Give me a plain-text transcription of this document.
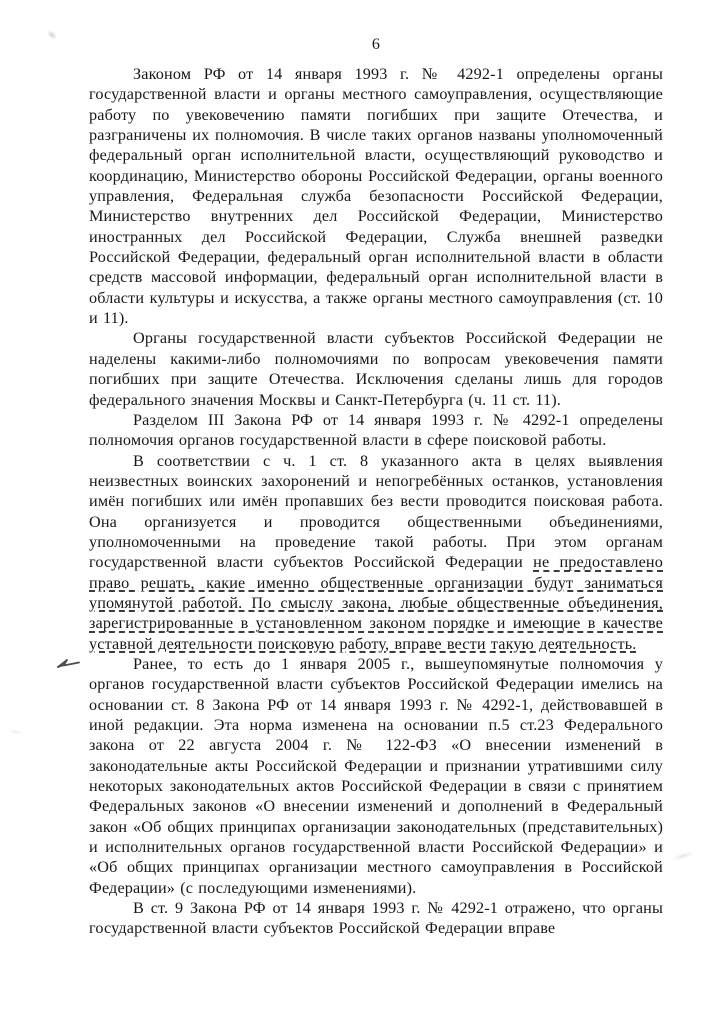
6

Законом РФ от 14 января 1993 г. № 4292-1 определены органы государственной власти и органы местного самоуправления, осуществляющие работу по увековечению памяти погибших при защите Отечества, и разграничены их полномочия. В числе таких органов названы уполномоченный федеральный орган исполнительной власти, осуществляющий руководство и координацию, Министерство обороны Российской Федерации, органы военного управления, Федеральная служба безопасности Российской Федерации, Министерство внутренних дел Российской Федерации, Министерство иностранных дел Российской Федерации, Служба внешней разведки Российской Федерации, федеральный орган исполнительной власти в области средств массовой информации, федеральный орган исполнительной власти в области культуры и искусства, а также органы местного самоуправления (ст. 10 и 11).

Органы государственной власти субъектов Российской Федерации не наделены какими-либо полномочиями по вопросам увековечения памяти погибших при защите Отечества. Исключения сделаны лишь для городов федерального значения Москвы и Санкт-Петербурга (ч. 11 ст. 11).

Разделом III Закона РФ от 14 января 1993 г. № 4292-1 определены полномочия органов государственной власти в сфере поисковой работы.

В соответствии с ч. 1 ст. 8 указанного акта в целях выявления неизвестных воинских захоронений и непогребённых останков, установления имён погибших или имён пропавших без вести проводится поисковая работа. Она организуется и проводится общественными объединениями, уполномоченными на проведение такой работы. При этом органам государственной власти субъектов Российской Федерации не предоставлено право решать, какие именно общественные организации будут заниматься упомянутой работой. По смыслу закона, любые общественные объединения, зарегистрированные в установленном законом порядке и имеющие в качестве уставной деятельности поисковую работу, вправе вести такую деятельность.

Ранее, то есть до 1 января 2005 г., вышеупомянутые полномочия у органов государственной власти субъектов Российской Федерации имелись на основании ст. 8 Закона РФ от 14 января 1993 г. № 4292-1, действовавшей в иной редакции. Эта норма изменена на основании п.5 ст.23 Федерального закона от 22 августа 2004 г. № 122-ФЗ «О внесении изменений в законодательные акты Российской Федерации и признании утратившими силу некоторых законодательных актов Российской Федерации в связи с принятием Федеральных законов «О внесении изменений и дополнений в Федеральный закон «Об общих принципах организации законодательных (представительных) и исполнительных органов государственной власти Российской Федерации» и «Об общих принципах организации местного самоуправления в Российской Федерации» (с последующими изменениями).

В ст. 9 Закона РФ от 14 января 1993 г. № 4292-1 отражено, что органы государственной власти субъектов Российской Федерации вправе
